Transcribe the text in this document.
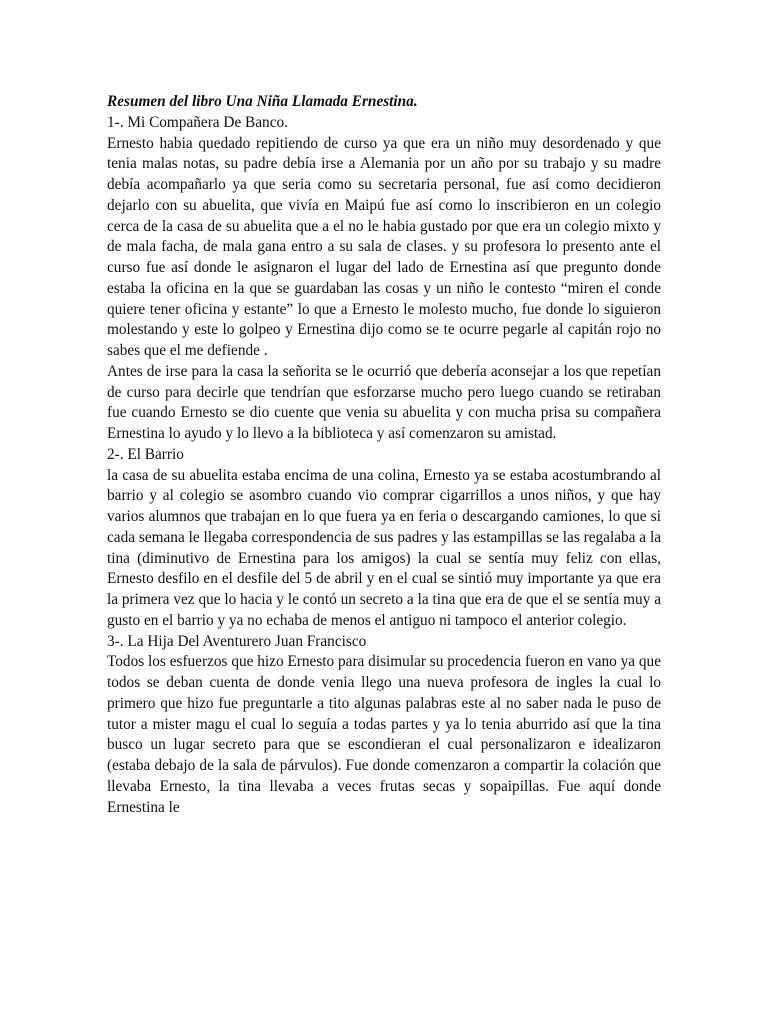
Resumen del libro Una Niña Llamada Ernestina.

1-. Mi Compañera De Banco.

Ernesto habia quedado repitiendo de curso ya que era un niño muy desordenado y que tenia malas notas, su padre debía irse a Alemania por un año por su trabajo y su madre debía acompañarlo ya que seria como su secretaria personal, fue así como decidieron dejarlo con su abuelita, que vivía en Maipú fue así como lo inscribieron en un colegio cerca de la casa de su abuelita que a el no le habia gustado por que era un colegio mixto y de mala facha, de mala gana entro a su sala de clases. y su profesora lo presento ante el curso fue así donde le asignaron el lugar del lado de Ernestina así que pregunto donde estaba la oficina en la que se guardaban las cosas y un niño le contesto “miren el conde quiere tener oficina y estante” lo que a Ernesto le molesto mucho, fue donde lo siguieron molestando y este lo golpeo y Ernestina dijo como se te ocurre pegarle al capitán rojo no sabes que el me defiende .

Antes de irse para la casa la señorita se le ocurrió que debería aconsejar a los que repetían de curso para decirle que tendrían que esforzarse mucho pero luego cuando se retiraban fue cuando Ernesto se dio cuente que venia su abuelita y con mucha prisa su compañera Ernestina lo ayudo y lo llevo a la biblioteca y así comenzaron su amistad.

2-. El Barrio

la casa de su abuelita estaba encima de una colina, Ernesto ya se estaba acostumbrando al barrio y al colegio se asombro cuando vio comprar cigarrillos a unos niños, y que hay varios alumnos que trabajan en lo que fuera ya en feria o descargando camiones, lo que si cada semana le llegaba correspondencia de sus padres y las estampillas se las regalaba a la tina (diminutivo de Ernestina para los amigos) la cual se sentía muy feliz con ellas, Ernesto desfilo en el desfile del 5 de abril y en el cual se sintió muy importante ya que era la primera vez que lo hacia y le contó un secreto a la tina que era de que el se sentía muy a gusto en el barrio y ya no echaba de menos el antiguo ni tampoco el anterior colegio.

3-. La Hija Del Aventurero Juan Francisco

Todos los esfuerzos que hizo Ernesto para disimular su procedencia fueron en vano ya que todos se deban cuenta de donde venia llego una nueva profesora de ingles la cual lo primero que hizo fue preguntarle a tito algunas palabras este al no saber nada le puso de tutor a mister magu el cual lo seguía a todas partes y ya lo tenia aburrido así que la tina busco un lugar secreto para que se escondieran el cual personalizaron e idealizaron (estaba debajo de la sala de párvulos). Fue donde comenzaron a compartir la colación que llevaba Ernesto, la tina llevaba a veces frutas secas y sopaipillas. Fue aquí donde Ernestina le
